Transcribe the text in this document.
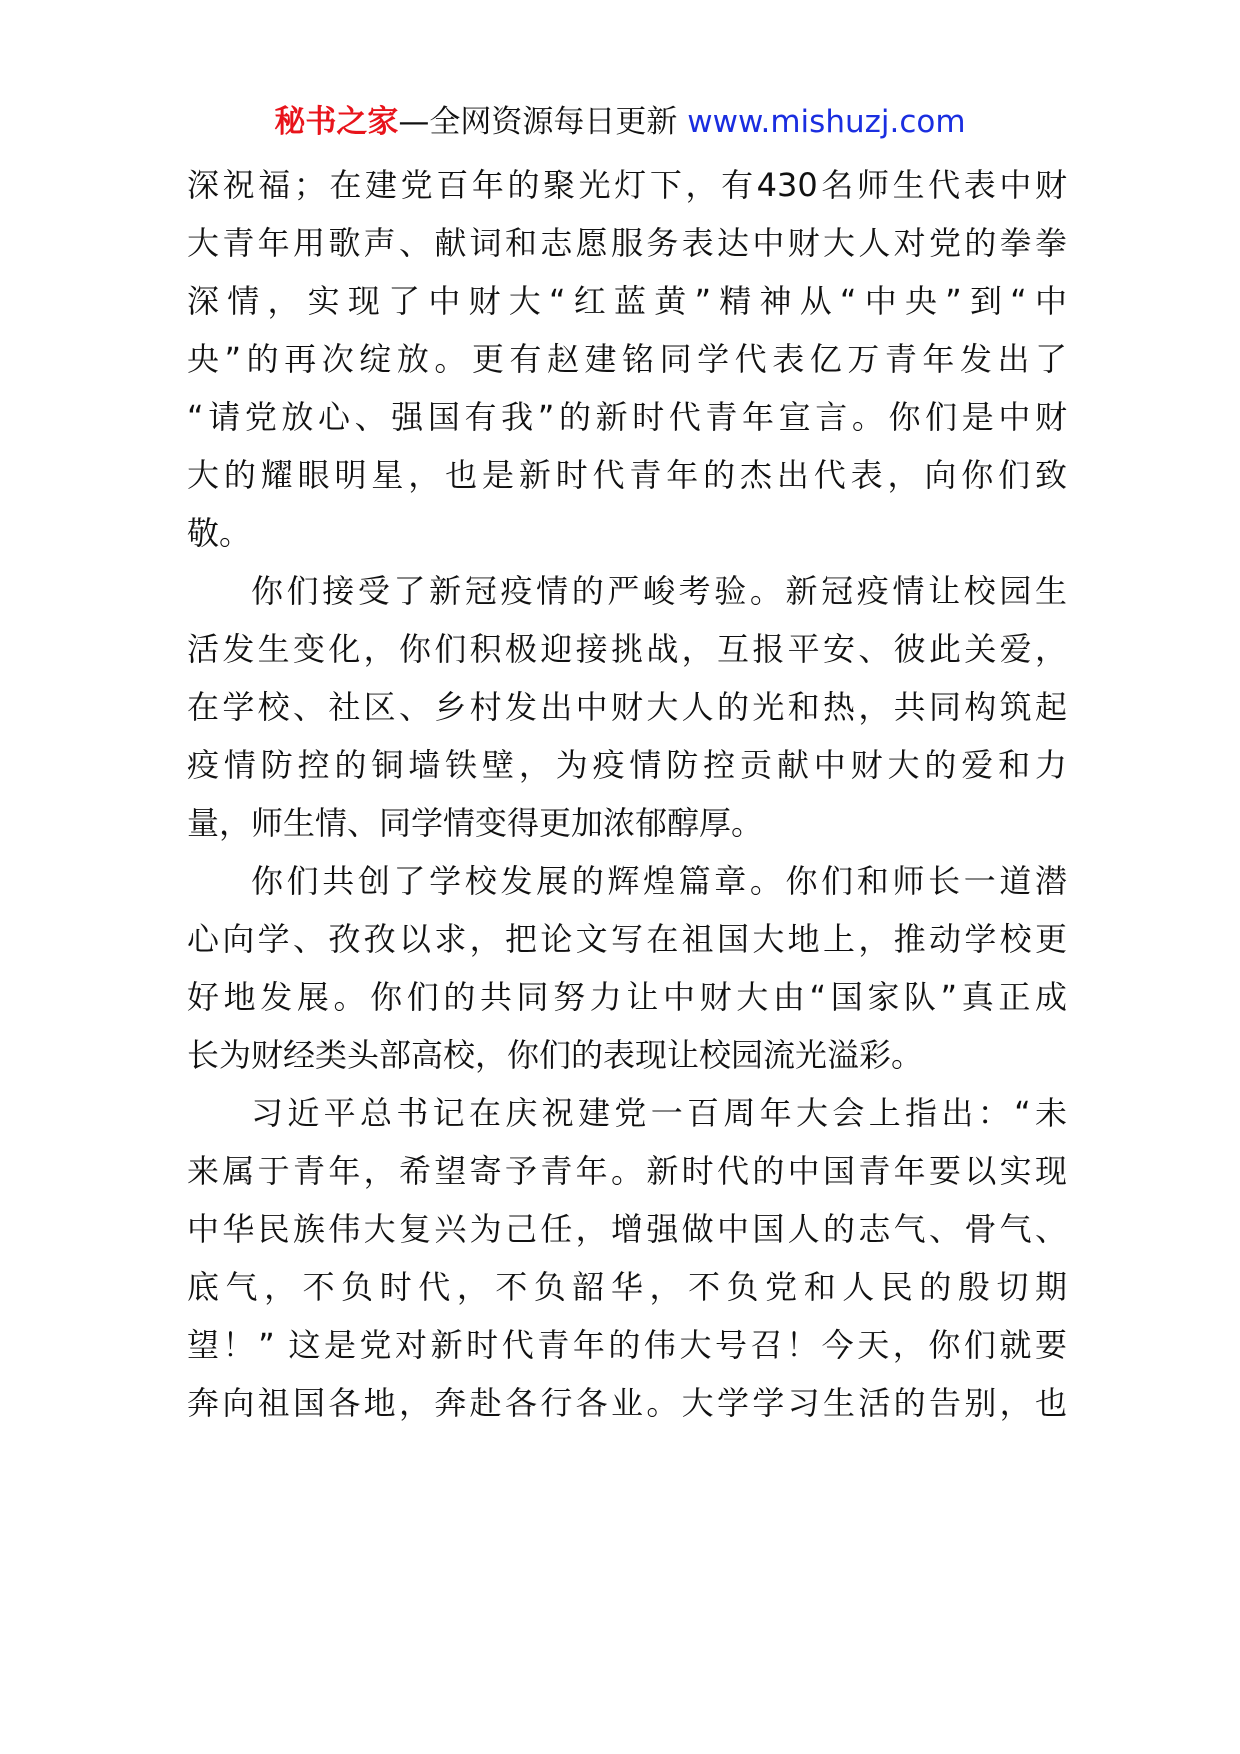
秘书之家—全网资源每日更新 www.mishuzj.com
深祝福；在建党百年的聚光灯下，有430名师生代表中财
大青年用歌声、献词和志愿服务表达中财大人对党的拳拳
深情，实现了中财大“红蓝黄”精神从“中央”到“中
央”的再次绽放。更有赵建铭同学代表亿万青年发出了
“请党放心、强国有我”的新时代青年宣言。你们是中财
大的耀眼明星，也是新时代青年的杰出代表，向你们致
敬。
你们接受了新冠疫情的严峻考验。新冠疫情让校园生
活发生变化，你们积极迎接挑战，互报平安、彼此关爱，
在学校、社区、乡村发出中财大人的光和热，共同构筑起
疫情防控的铜墙铁壁，为疫情防控贡献中财大的爱和力
量，师生情、同学情变得更加浓郁醇厚。
你们共创了学校发展的辉煌篇章。你们和师长一道潜
心向学、孜孜以求，把论文写在祖国大地上，推动学校更
好地发展。你们的共同努力让中财大由“国家队”真正成
长为财经类头部高校，你们的表现让校园流光溢彩。
习近平总书记在庆祝建党一百周年大会上指出：“未
来属于青年，希望寄予青年。新时代的中国青年要以实现
中华民族伟大复兴为己任，增强做中国人的志气、骨气、
底气，不负时代，不负韶华，不负党和人民的殷切期
望！” 这是党对新时代青年的伟大号召！今天，你们就要
奔向祖国各地，奔赴各行各业。大学学习生活的告别，也
